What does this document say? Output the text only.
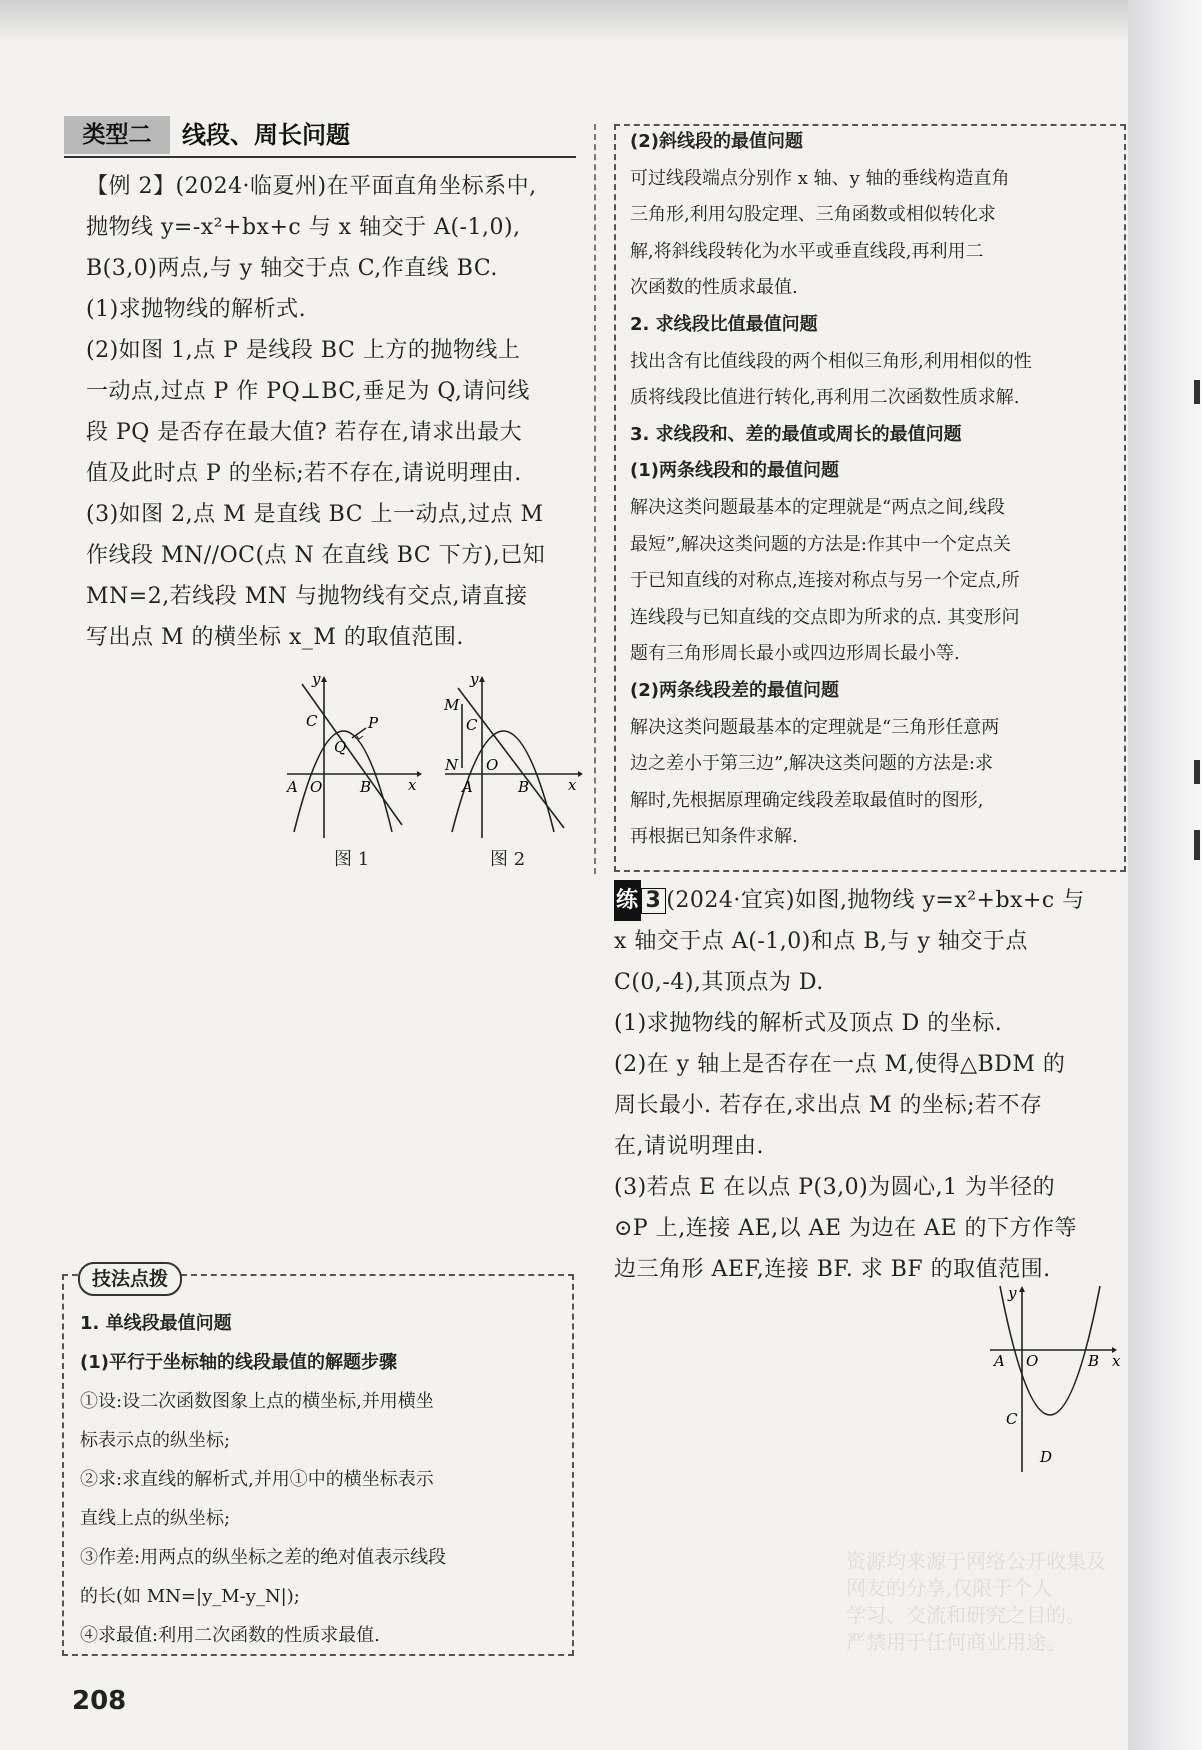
类型二	线段、周长问题
【例 2】(2024·临夏州)在平面直角坐标系中,
抛物线 y=-x²+bx+c 与 x 轴交于 A(-1,0),
B(3,0)两点,与 y 轴交于点 C,作直线 BC.
(1)求抛物线的解析式.
(2)如图 1,点 P 是线段 BC 上方的抛物线上
一动点,过点 P 作 PQ⊥BC,垂足为 Q,请问线
段 PQ 是否存在最大值? 若存在,请求出最大
值及此时点 P 的坐标;若不存在,请说明理由.
(3)如图 2,点 M 是直线 BC 上一动点,过点 M
作线段 MN//OC(点 N 在直线 BC 下方),已知
MN=2,若线段 MN 与抛物线有交点,请直接
写出点 M 的横坐标 x_M 的取值范围.
y
C	P
Q
A O	B x
图 1
y
M
C
N O
A	B	x
图 2
技法点拨
1. 单线段最值问题
(1)平行于坐标轴的线段最值的解题步骤
①设:设二次函数图象上点的横坐标,并用横坐
标表示点的纵坐标;
②求:求直线的解析式,并用①中的横坐标表示
直线上点的纵坐标;
③作差:用两点的纵坐标之差的绝对值表示线段
的长(如 MN=|y_M-y_N|);
④求最值:利用二次函数的性质求最值.
(2)斜线段的最值问题
可过线段端点分别作 x 轴、y 轴的垂线构造直角
三角形,利用勾股定理、三角函数或相似转化求
解,将斜线段转化为水平或垂直线段,再利用二
次函数的性质求最值.
2. 求线段比值最值问题
找出含有比值线段的两个相似三角形,利用相似的性
质将线段比值进行转化,再利用二次函数性质求解.
3. 求线段和、差的最值或周长的最值问题
(1)两条线段和的最值问题
解决这类问题最基本的定理就是“两点之间,线段
最短”,解决这类问题的方法是:作其中一个定点关
于已知直线的对称点,连接对称点与另一个定点,所
连线段与已知直线的交点即为所求的点. 其变形问
题有三角形周长最小或四边形周长最小等.
(2)两条线段差的最值问题
解决这类问题最基本的定理就是“三角形任意两
边之差小于第三边”,解决这类问题的方法是:求
解时,先根据原理确定线段差取最值时的图形,
再根据已知条件求解.
练 3 (2024·宜宾)如图,抛物线 y=x²+bx+c 与
x 轴交于点 A(-1,0)和点 B,与 y 轴交于点
C(0,-4),其顶点为 D.
(1)求抛物线的解析式及顶点 D 的坐标.
(2)在 y 轴上是否存在一点 M,使得△BDM 的
周长最小. 若存在,求出点 M 的坐标;若不存
在,请说明理由.
(3)若点 E 在以点 P(3,0)为圆心,1 为半径的
⊙P 上,连接 AE,以 AE 为边在 AE 的下方作等
边三角形 AEF,连接 BF. 求 BF 的取值范围.
y
A O	B x
C
D
208
资源均来源于网络公开收集及
网友的分享,仅限于个人
学习、交流和研究之目的。
严禁用于任何商业用途。
